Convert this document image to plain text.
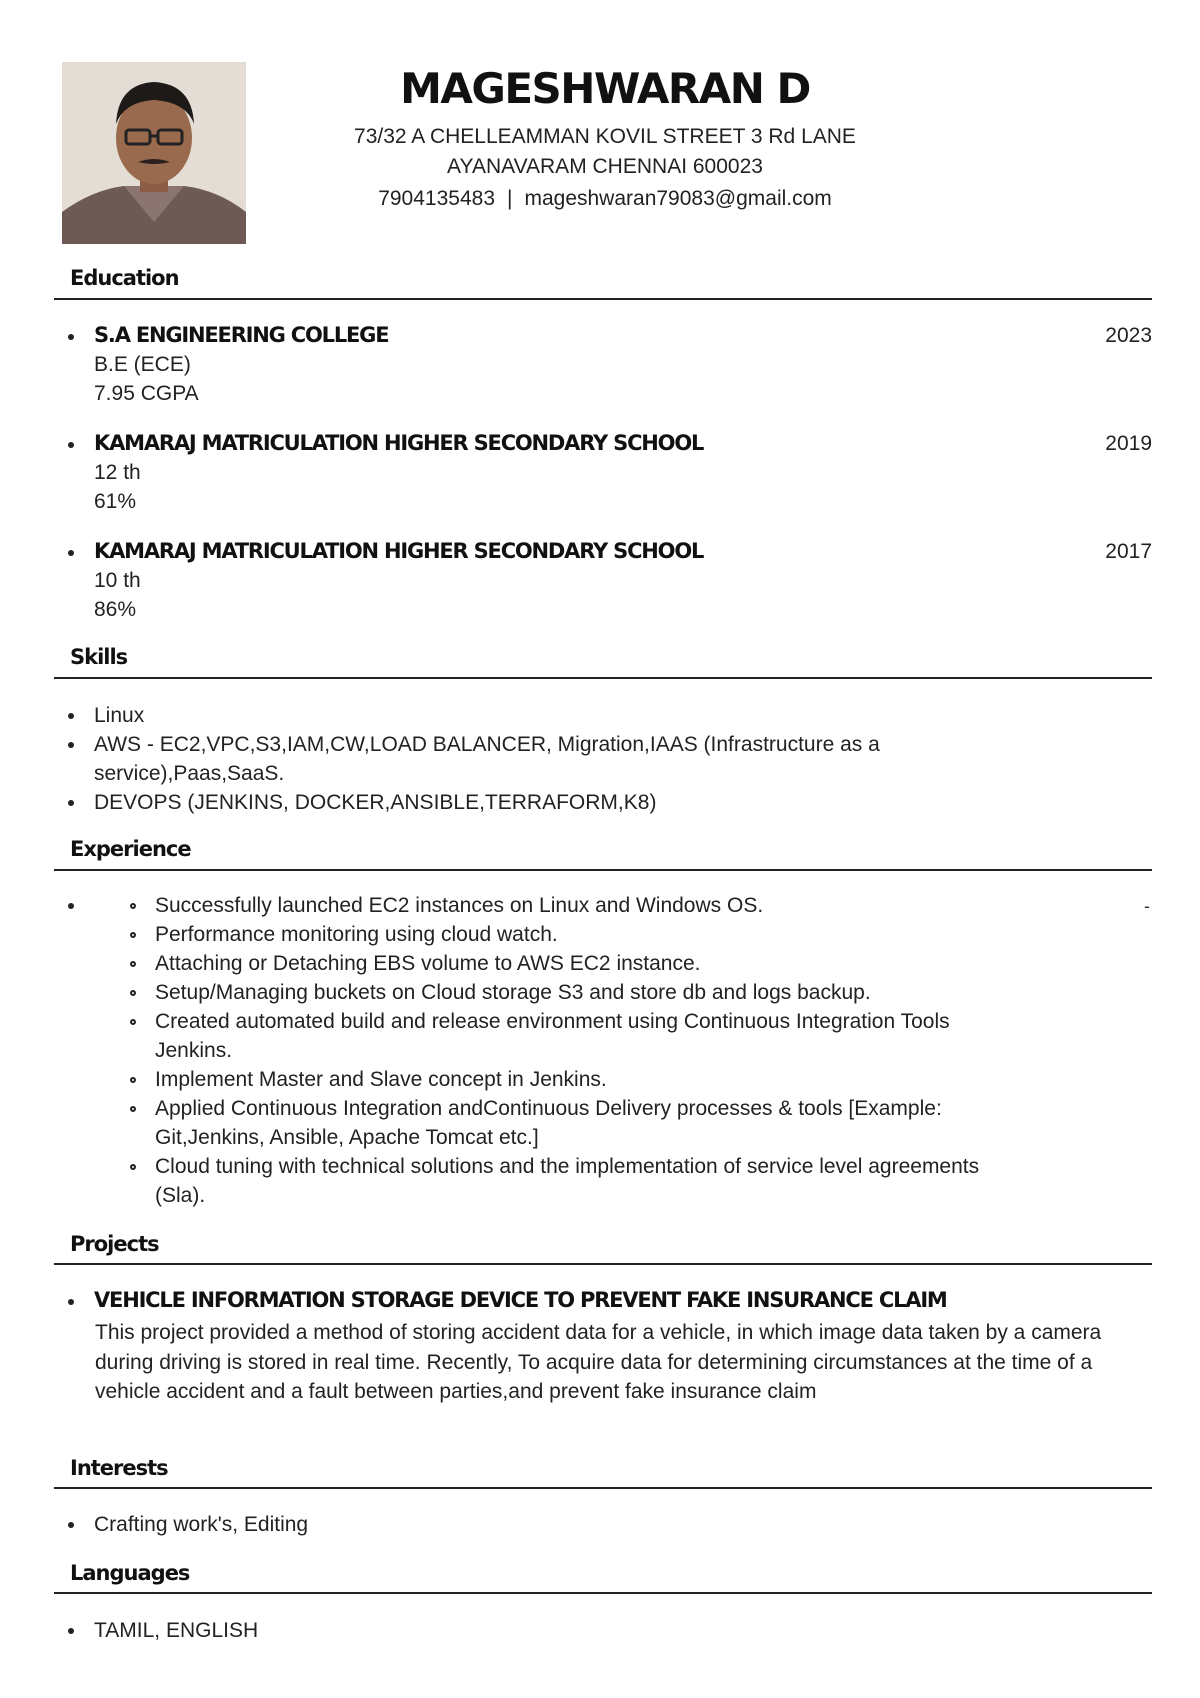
MAGESHWARAN D
73/32 A CHELLEAMMAN KOVIL STREET 3 Rd LANE
AYANAVARAM CHENNAI 600023
7904135483 | mageshwaran79083@gmail.com
Education
S.A ENGINEERING COLLEGE	2023
B.E (ECE)
7.95 CGPA
KAMARAJ MATRICULATION HIGHER SECONDARY SCHOOL	2019
12 th
61%
KAMARAJ MATRICULATION HIGHER SECONDARY SCHOOL	2017
10 th
86%
Skills
Linux
AWS - EC2,VPC,S3,IAM,CW,LOAD BALANCER, Migration,IAAS (Infrastructure as a
service),Paas,SaaS.
DEVOPS (JENKINS, DOCKER,ANSIBLE,TERRAFORM,K8)
Experience
-
Successfully launched EC2 instances on Linux and Windows OS.
Performance monitoring using cloud watch.
Attaching or Detaching EBS volume to AWS EC2 instance.
Setup/Managing buckets on Cloud storage S3 and store db and logs backup.
Created automated build and release environment using Continuous Integration Tools
Jenkins.
Implement Master and Slave concept in Jenkins.
Applied Continuous Integration andContinuous Delivery processes & tools [Example:
Git,Jenkins, Ansible, Apache Tomcat etc.]
Cloud tuning with technical solutions and the implementation of service level agreements
(Sla).
Projects
VEHICLE INFORMATION STORAGE DEVICE TO PREVENT FAKE INSURANCE CLAIM
This project provided a method of storing accident data for a vehicle, in which image data taken by a camera during driving is stored in real time. Recently, To acquire data for determining circumstances at the time of a vehicle accident and a fault between parties,and prevent fake insurance claim
Interests
Crafting work's, Editing
Languages
TAMIL, ENGLISH
